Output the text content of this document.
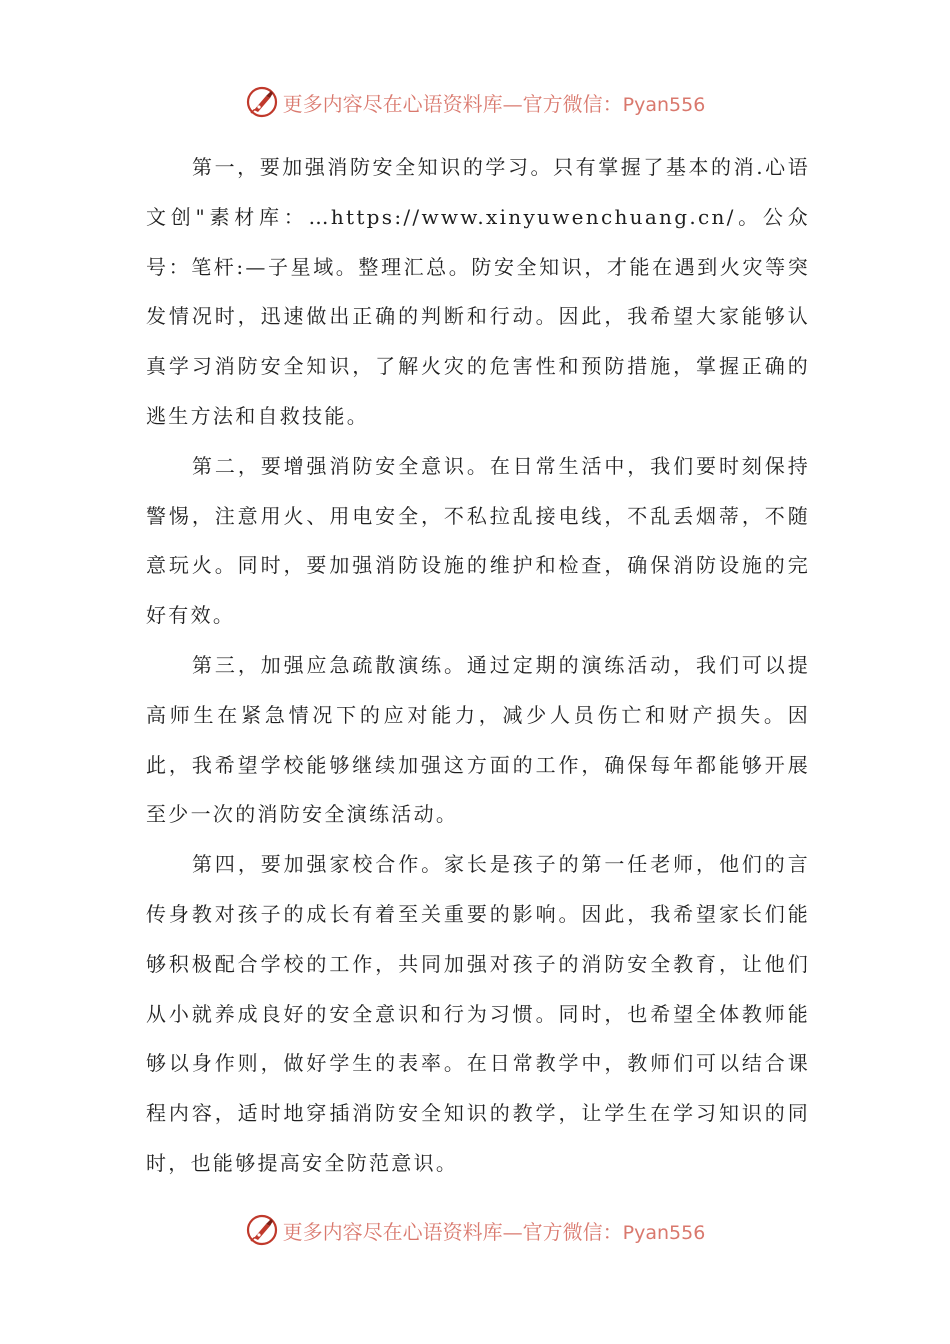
更多内容尽在心语资料库—官方微信：Pyan556

第一，要加强消防安全知识的学习。只有掌握了基本的消.心语文创"素材库：…https://www.xinyuwenchuang.cn/。公众号：笔杆:—子星域。整理汇总。防安全知识，才能在遇到火灾等突发情况时，迅速做出正确的判断和行动。因此，我希望大家能够认真学习消防安全知识，了解火灾的危害性和预防措施，掌握正确的逃生方法和自救技能。

第二，要增强消防安全意识。在日常生活中，我们要时刻保持警惕，注意用火、用电安全，不私拉乱接电线，不乱丢烟蒂，不随意玩火。同时，要加强消防设施的维护和检查，确保消防设施的完好有效。

第三，加强应急疏散演练。通过定期的演练活动，我们可以提高师生在紧急情况下的应对能力，减少人员伤亡和财产损失。因此，我希望学校能够继续加强这方面的工作，确保每年都能够开展至少一次的消防安全演练活动。

第四，要加强家校合作。家长是孩子的第一任老师，他们的言传身教对孩子的成长有着至关重要的影响。因此，我希望家长们能够积极配合学校的工作，共同加强对孩子的消防安全教育，让他们从小就养成良好的安全意识和行为习惯。同时，也希望全体教师能够以身作则，做好学生的表率。在日常教学中，教师们可以结合课程内容，适时地穿插消防安全知识的教学，让学生在学习知识的同时，也能够提高安全防范意识。

更多内容尽在心语资料库—官方微信：Pyan556
